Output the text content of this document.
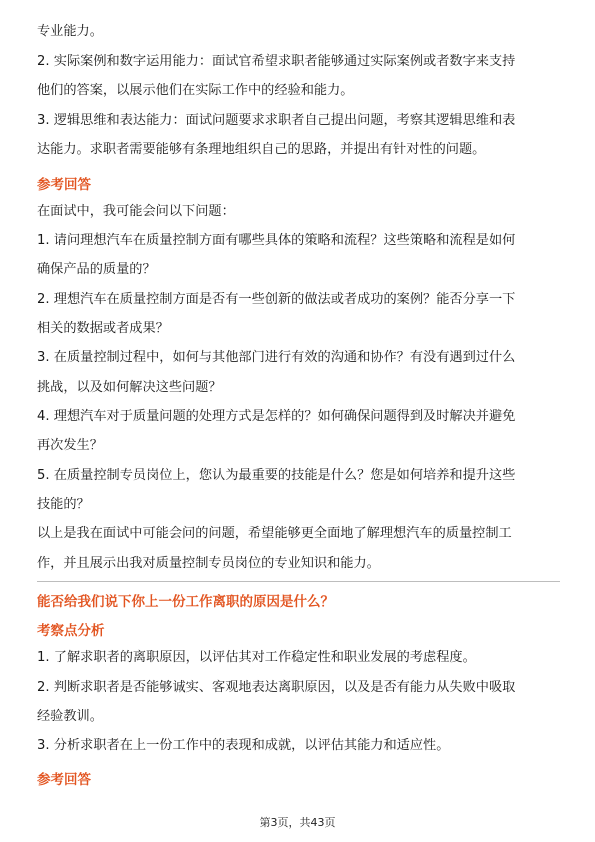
专业能力。
2. 实际案例和数字运用能力：面试官希望求职者能够通过实际案例或者数字来支持
他们的答案，以展示他们在实际工作中的经验和能力。
3. 逻辑思维和表达能力：面试问题要求求职者自己提出问题，考察其逻辑思维和表
达能力。求职者需要能够有条理地组织自己的思路，并提出有针对性的问题。
参考回答
在面试中，我可能会问以下问题：
1. 请问理想汽车在质量控制方面有哪些具体的策略和流程？这些策略和流程是如何
确保产品的质量的？
2. 理想汽车在质量控制方面是否有一些创新的做法或者成功的案例？能否分享一下
相关的数据或者成果？
3. 在质量控制过程中，如何与其他部门进行有效的沟通和协作？有没有遇到过什么
挑战，以及如何解决这些问题？
4. 理想汽车对于质量问题的处理方式是怎样的？如何确保问题得到及时解决并避免
再次发生？
5. 在质量控制专员岗位上，您认为最重要的技能是什么？您是如何培养和提升这些
技能的？
以上是我在面试中可能会问的问题，希望能够更全面地了解理想汽车的质量控制工
作，并且展示出我对质量控制专员岗位的专业知识和能力。
能否给我们说下你上一份工作离职的原因是什么？
考察点分析
1. 了解求职者的离职原因，以评估其对工作稳定性和职业发展的考虑程度。
2. 判断求职者是否能够诚实、客观地表达离职原因，以及是否有能力从失败中吸取
经验教训。
3. 分析求职者在上一份工作中的表现和成就，以评估其能力和适应性。
参考回答
第3页，共43页
